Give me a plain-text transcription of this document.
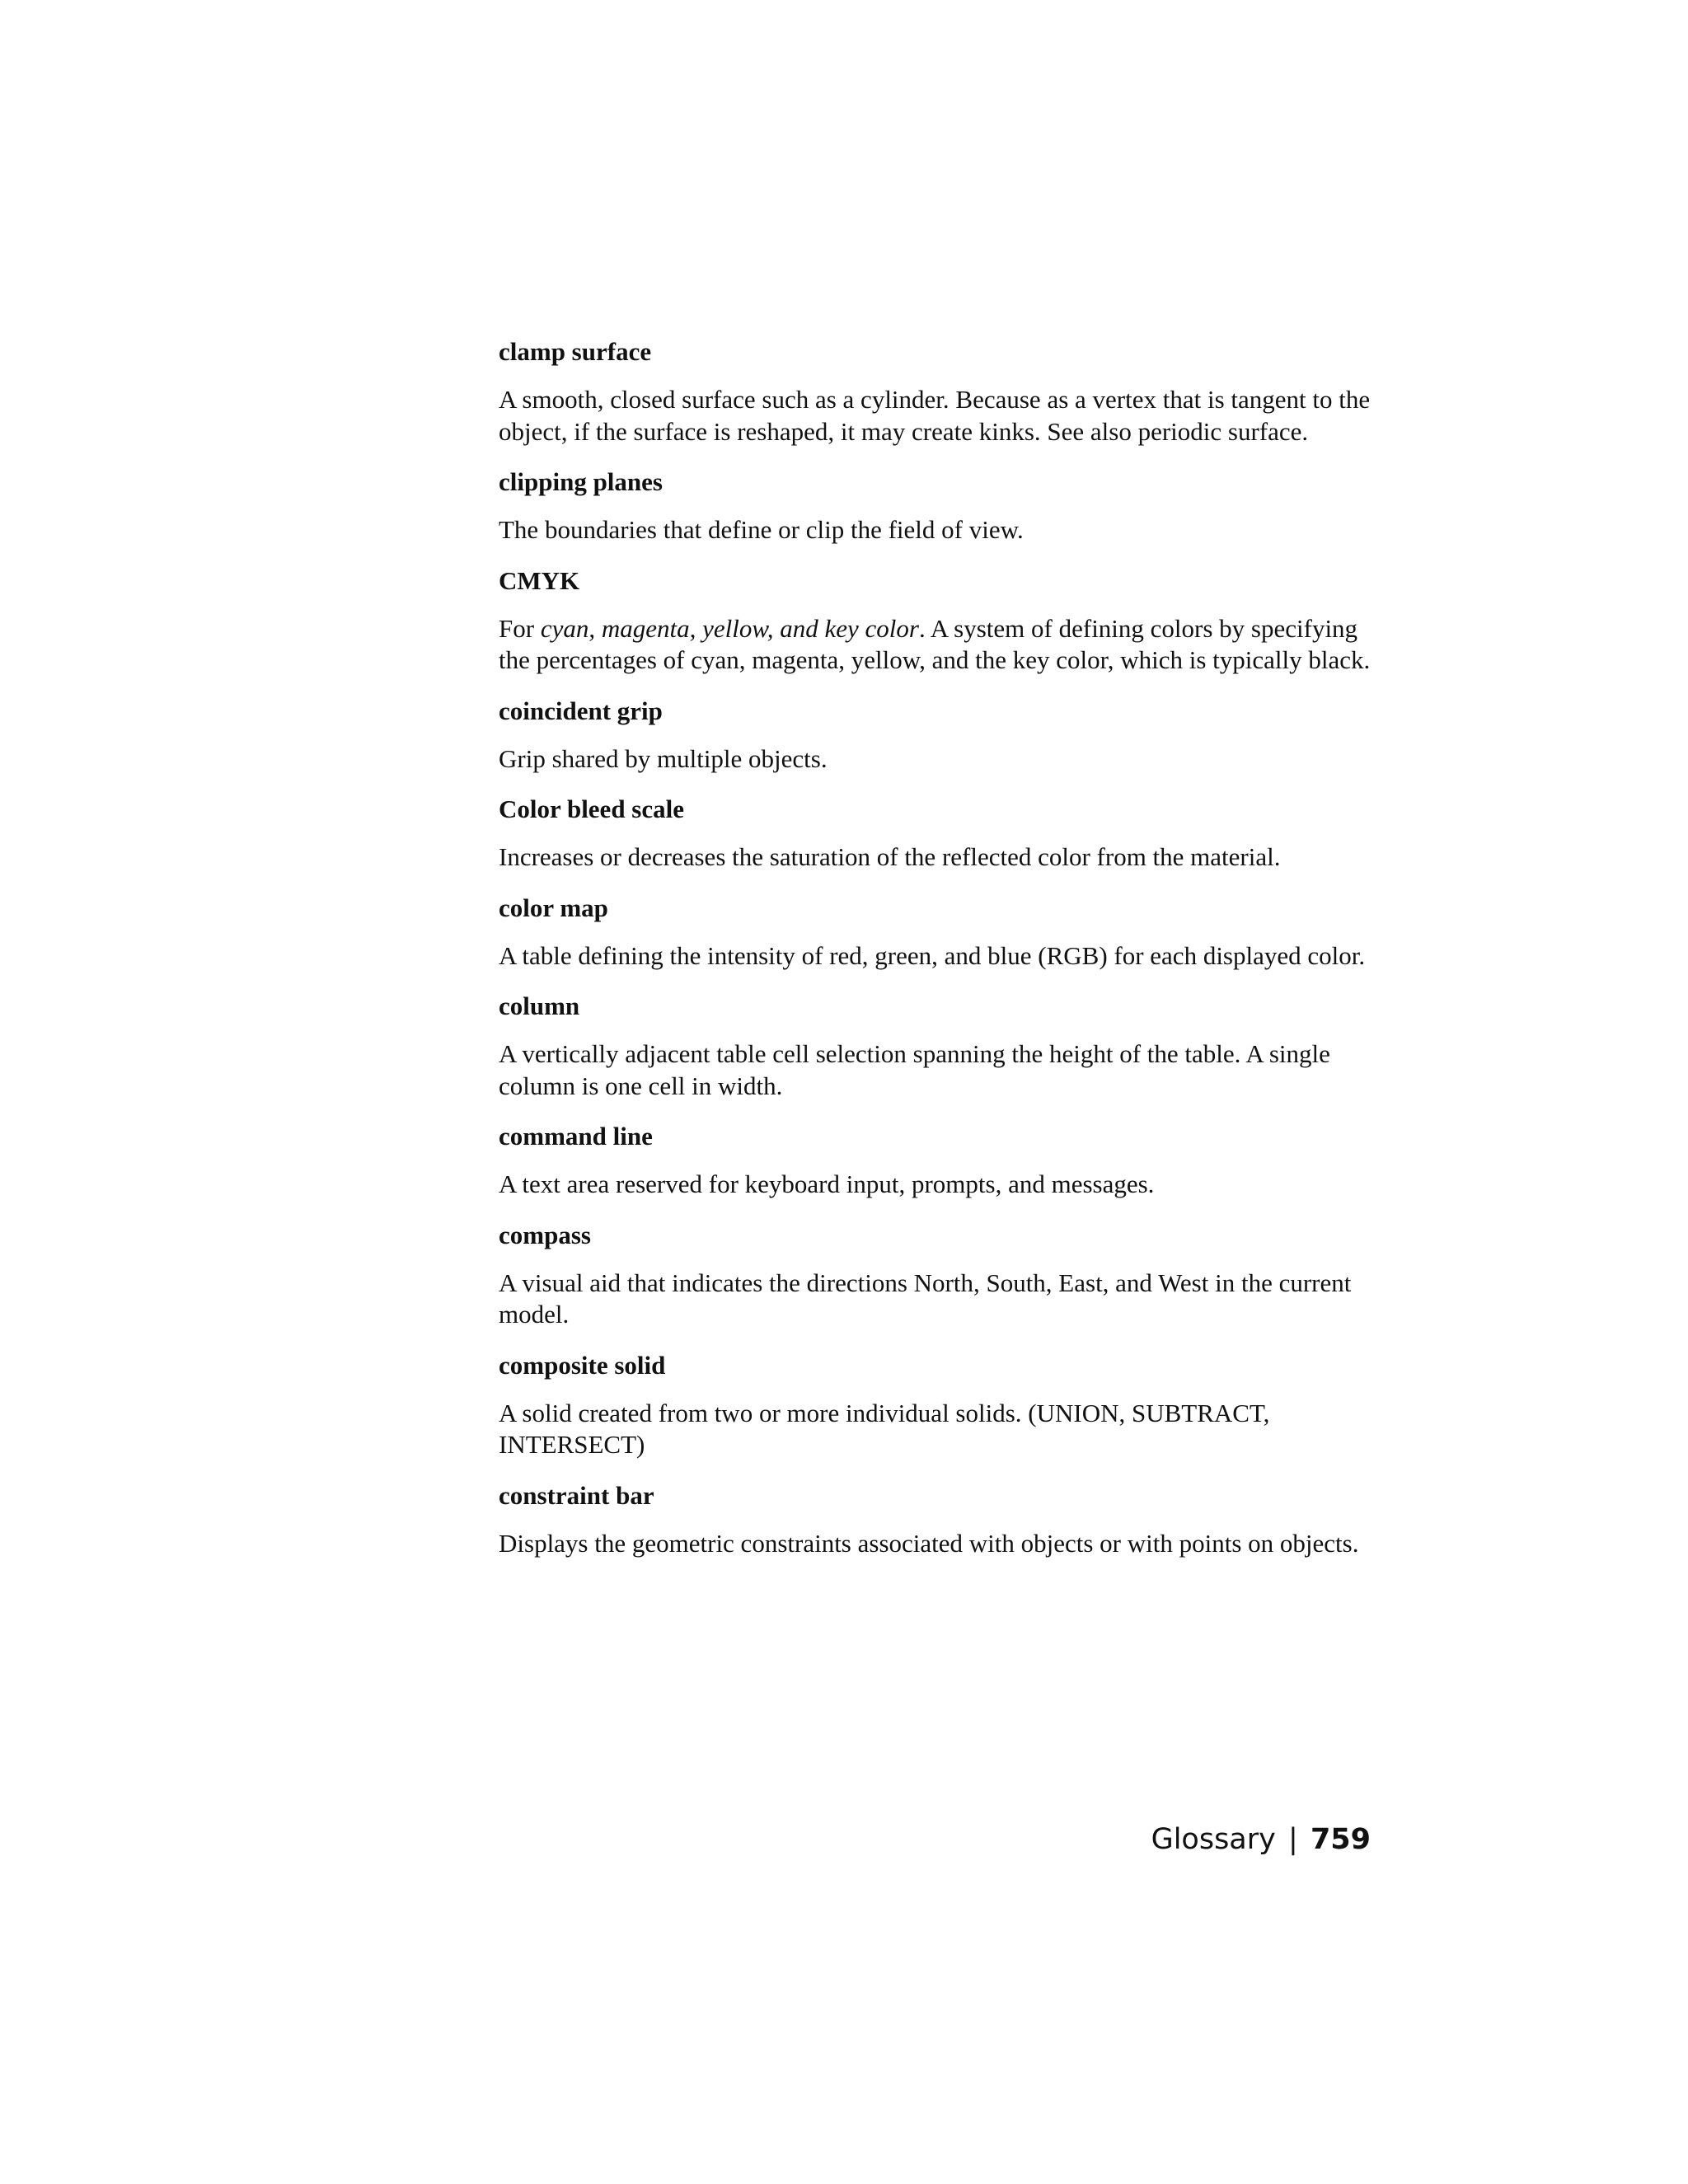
clamp surface

A smooth, closed surface such as a cylinder. Because as a vertex that is tangent to the object, if the surface is reshaped, it may create kinks. See also periodic surface.

clipping planes

The boundaries that define or clip the field of view.

CMYK

For cyan, magenta, yellow, and key color. A system of defining colors by specifying the percentages of cyan, magenta, yellow, and the key color, which is typically black.

coincident grip

Grip shared by multiple objects.

Color bleed scale

Increases or decreases the saturation of the reflected color from the material.

color map

A table defining the intensity of red, green, and blue (RGB) for each displayed color.

column

A vertically adjacent table cell selection spanning the height of the table. A single column is one cell in width.

command line

A text area reserved for keyboard input, prompts, and messages.

compass

A visual aid that indicates the directions North, South, East, and West in the current model.

composite solid

A solid created from two or more individual solids. (UNION, SUBTRACT, INTERSECT)

constraint bar

Displays the geometric constraints associated with objects or with points on objects.

Glossary | 759
